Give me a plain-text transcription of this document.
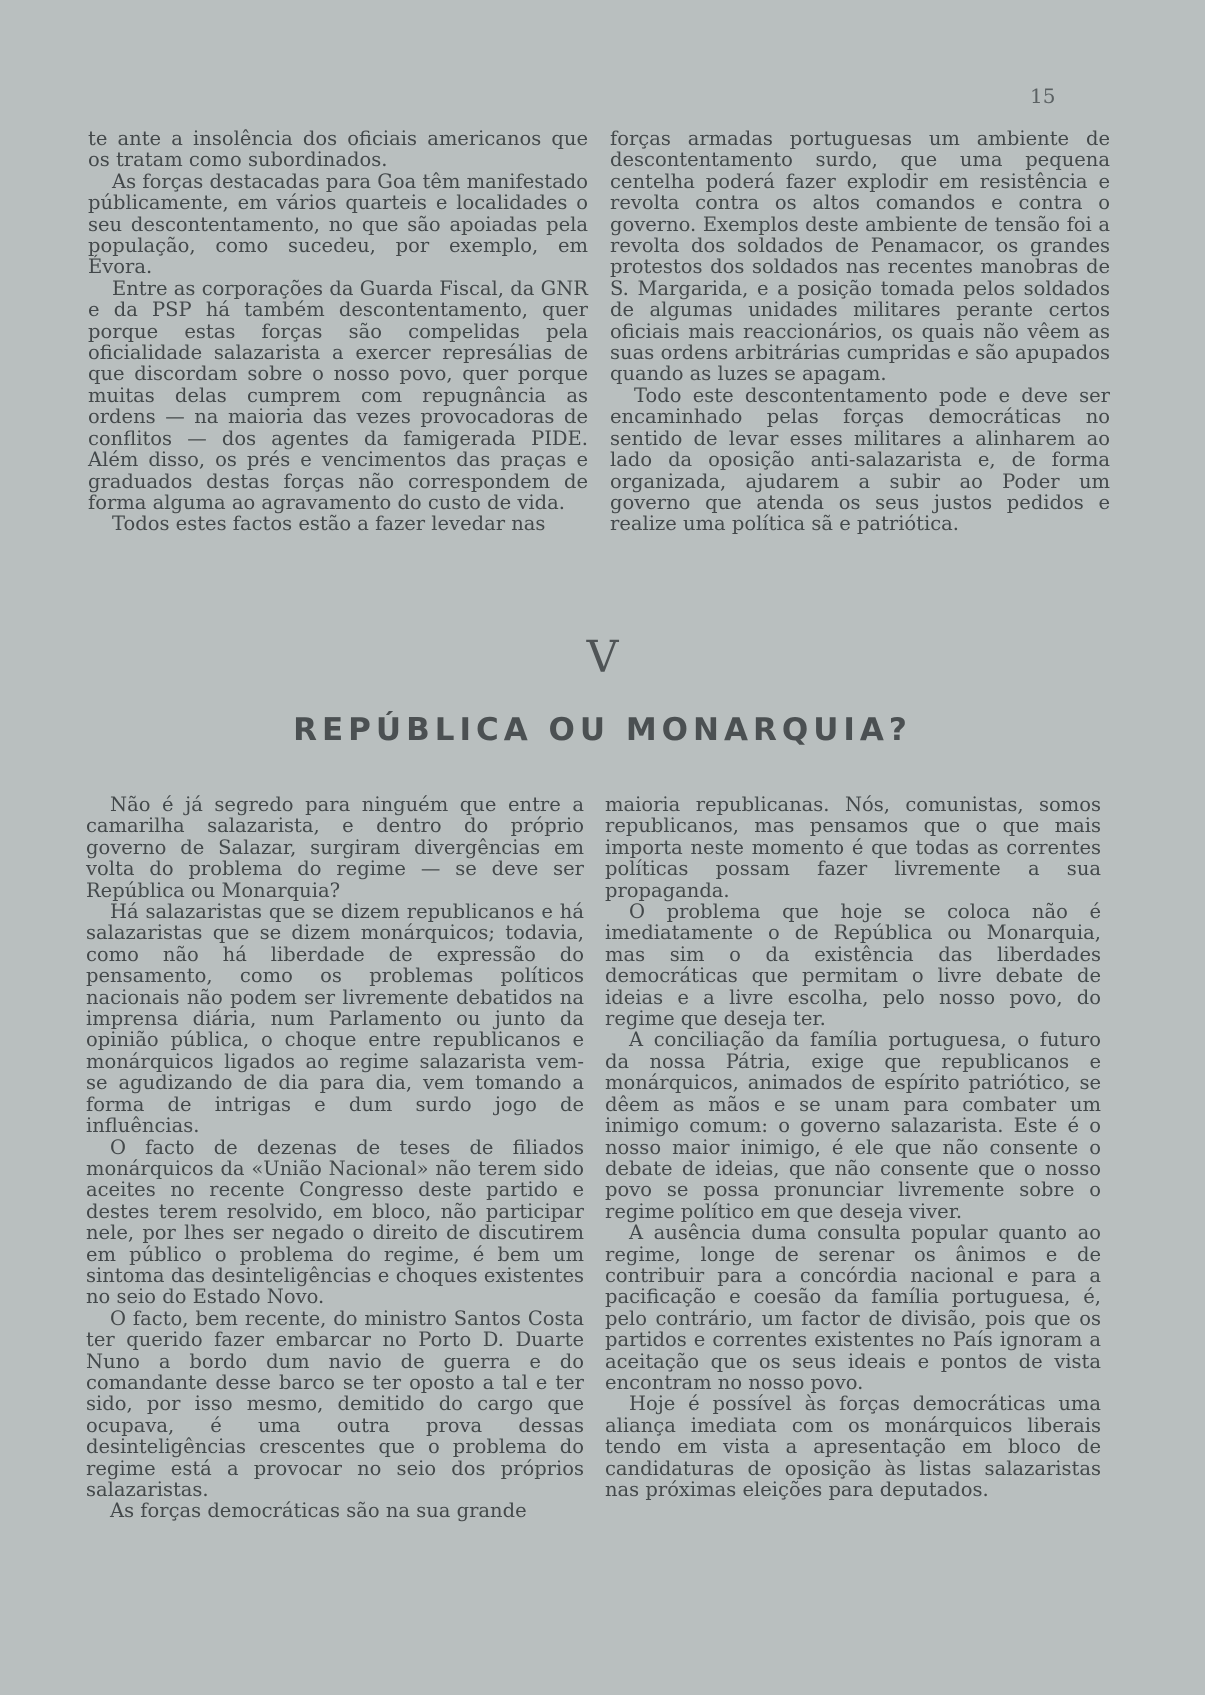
15

te ante a insolência dos oficiais americanos que os tratam como subordinados.

As forças destacadas para Goa têm manifestado públicamente, em vários quarteis e localidades o seu descontentamento, no que são apoiadas pela população, como sucedeu, por exemplo, em Évora.

Entre as corporações da Guarda Fiscal, da GNR e da PSP há também descontentamento, quer porque estas forças são compelidas pela oficialidade salazarista a exercer represálias de que discordam sobre o nosso povo, quer porque muitas delas cumprem com repugnância as ordens — na maioria das vezes provocadoras de conflitos — dos agentes da famigerada PIDE. Além disso, os prés e vencimentos das praças e graduados destas forças não correspondem de forma alguma ao agravamento do custo de vida.

Todos estes factos estão a fazer levedar nas

forças armadas portuguesas um ambiente de descontentamento surdo, que uma pequena centelha poderá fazer explodir em resistência e revolta contra os altos comandos e contra o governo. Exemplos deste ambiente de tensão foi a revolta dos soldados de Penamacor, os grandes protestos dos soldados nas recentes manobras de S. Margarida, e a posição tomada pelos soldados de algumas unidades militares perante certos oficiais mais reaccionários, os quais não vêem as suas ordens arbitrárias cumpridas e são apupados quando as luzes se apagam.

Todo este descontentamento pode e deve ser encaminhado pelas forças democráticas no sentido de levar esses militares a alinharem ao lado da oposição anti-salazarista e, de forma organizada, ajudarem a subir ao Poder um governo que atenda os seus justos pedidos e realize uma política sã e patriótica.

V
REPÚBLICA OU MONARQUIA?

Não é já segredo para ninguém que entre a camarilha salazarista, e dentro do próprio governo de Salazar, surgiram divergências em volta do problema do regime — se deve ser República ou Monarquia?

Há salazaristas que se dizem republicanos e há salazaristas que se dizem monárquicos; todavia, como não há liberdade de expressão do pensamento, como os problemas políticos nacionais não podem ser livremente debatidos na imprensa diária, num Parlamento ou junto da opinião pública, o choque entre republicanos e monárquicos ligados ao regime salazarista vem-se agudizando de dia para dia, vem tomando a forma de intrigas e dum surdo jogo de influências.

O facto de dezenas de teses de filiados monárquicos da «União Nacional» não terem sido aceites no recente Congresso deste partido e destes terem resolvido, em bloco, não participar nele, por lhes ser negado o direito de discutirem em público o problema do regime, é bem um sintoma das desinteligências e choques existentes no seio do Estado Novo.

O facto, bem recente, do ministro Santos Costa ter querido fazer embarcar no Porto D. Duarte Nuno a bordo dum navio de guerra e do comandante desse barco se ter oposto a tal e ter sido, por isso mesmo, demitido do cargo que ocupava, é uma outra prova dessas desinteligências crescentes que o problema do regime está a provocar no seio dos próprios salazaristas.

As forças democráticas são na sua grande

maioria republicanas. Nós, comunistas, somos republicanos, mas pensamos que o que mais importa neste momento é que todas as correntes políticas possam fazer livremente a sua propaganda.

O problema que hoje se coloca não é imediatamente o de República ou Monarquia, mas sim o da existência das liberdades democráticas que permitam o livre debate de ideias e a livre escolha, pelo nosso povo, do regime que deseja ter.

A conciliação da família portuguesa, o futuro da nossa Pátria, exige que republicanos e monárquicos, animados de espírito patriótico, se dêem as mãos e se unam para combater um inimigo comum: o governo salazarista. Este é o nosso maior inimigo, é ele que não consente o debate de ideias, que não consente que o nosso povo se possa pronunciar livremente sobre o regime político em que deseja viver.

A ausência duma consulta popular quanto ao regime, longe de serenar os ânimos e de contribuir para a concórdia nacional e para a pacificação e coesão da família portuguesa, é, pelo contrário, um factor de divisão, pois que os partidos e correntes existentes no País ignoram a aceitação que os seus ideais e pontos de vista encontram no nosso povo.

Hoje é possível às forças democráticas uma aliança imediata com os monárquicos liberais tendo em vista a apresentação em bloco de candidaturas de oposição às listas salazaristas nas próximas eleições para deputados.
